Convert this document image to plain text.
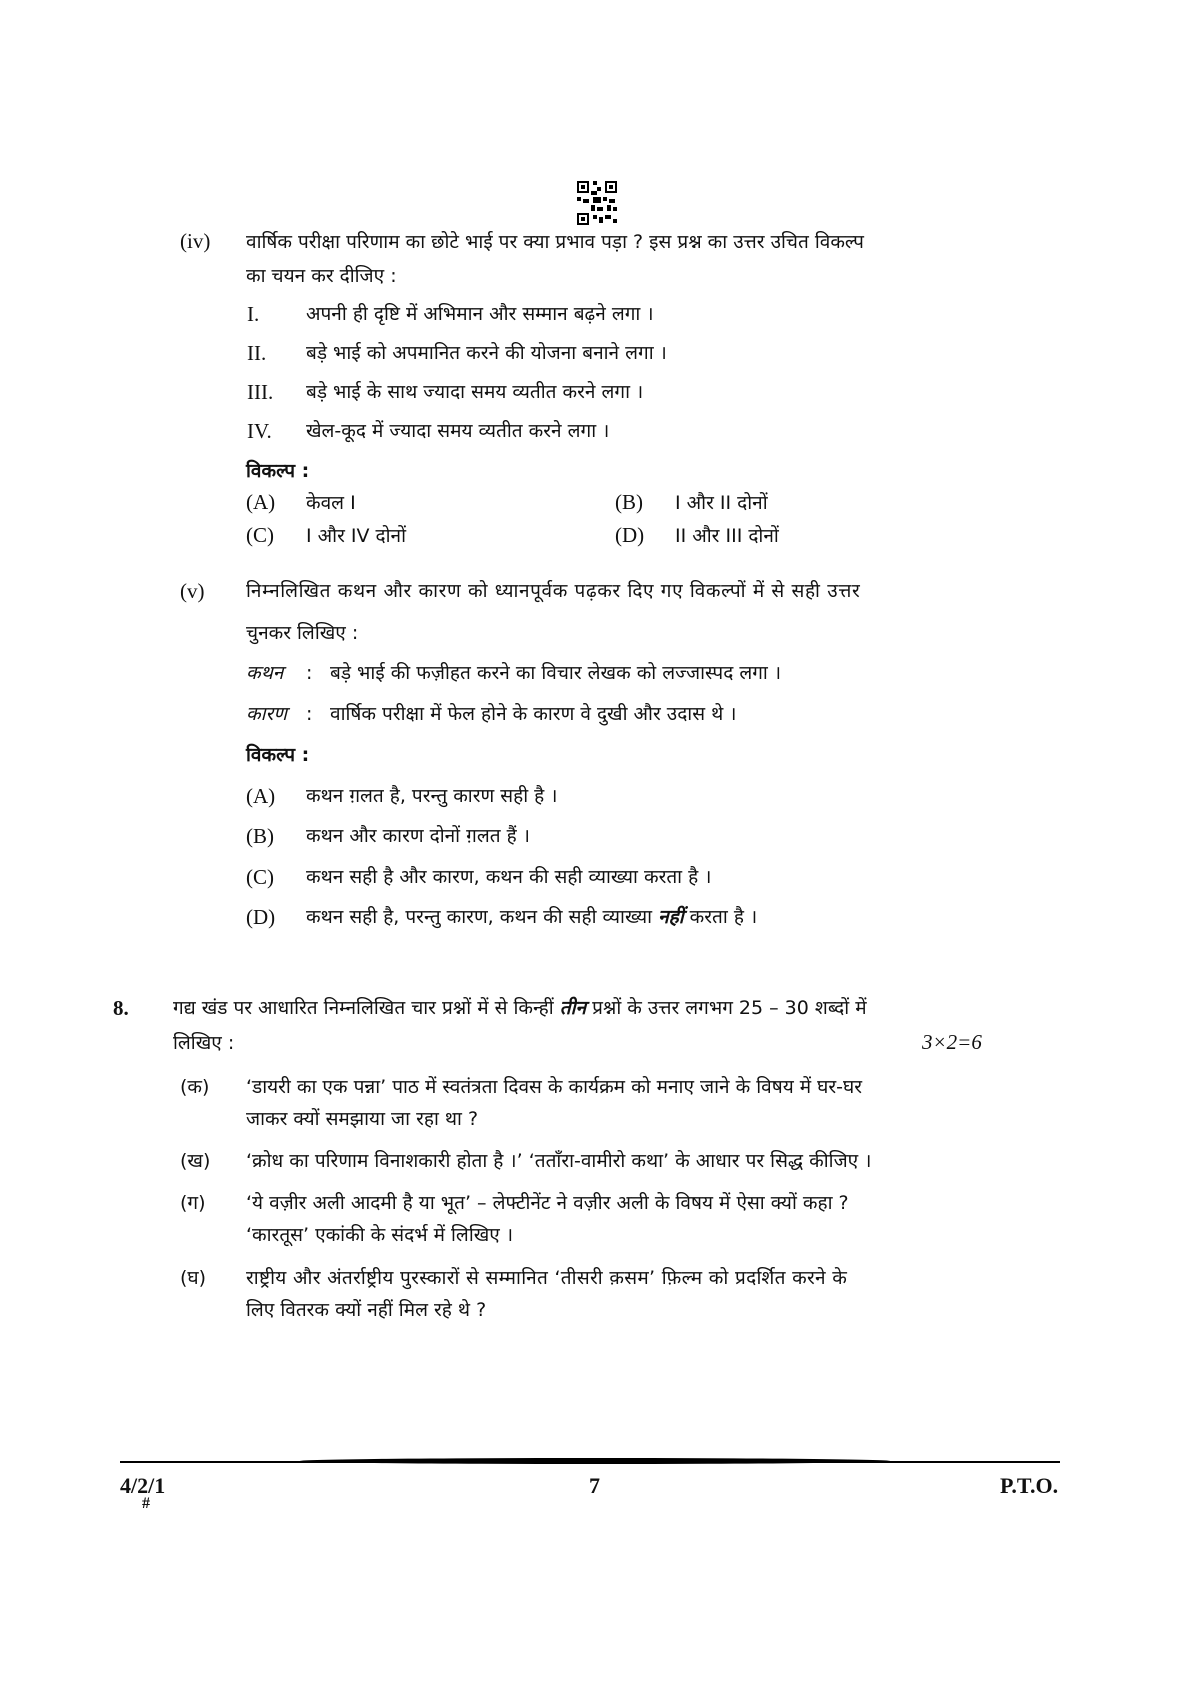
(iv) वार्षिक परीक्षा परिणाम का छोटे भाई पर क्या प्रभाव पड़ा ? इस प्रश्न का उत्तर उचित विकल्प
का चयन कर दीजिए :
I. अपनी ही दृष्टि में अभिमान और सम्मान बढ़ने लगा ।
II. बड़े भाई को अपमानित करने की योजना बनाने लगा ।
III. बड़े भाई के साथ ज्यादा समय व्यतीत करने लगा ।
IV. खेल-कूद में ज्यादा समय व्यतीत करने लगा ।
विकल्प :
(A) केवल I	(B) I और II दोनों
(C) I और IV दोनों	(D) II और III दोनों
(v) निम्नलिखित कथन और कारण को ध्यानपूर्वक पढ़कर दिए गए विकल्पों में से सही उत्तर
चुनकर लिखिए :
कथन : बड़े भाई की फज़ीहत करने का विचार लेखक को लज्जास्पद लगा ।
कारण : वार्षिक परीक्षा में फेल होने के कारण वे दुखी और उदास थे ।
विकल्प :
(A) कथन ग़लत है, परन्तु कारण सही है ।
(B) कथन और कारण दोनों ग़लत हैं ।
(C) कथन सही है और कारण, कथन की सही व्याख्या करता है ।
(D) कथन सही है, परन्तु कारण, कथन की सही व्याख्या नहीं करता है ।
8. गद्य खंड पर आधारित निम्नलिखित चार प्रश्नों में से किन्हीं तीन प्रश्नों के उत्तर लगभग 25 – 30 शब्दों में
लिखिए :	3×2=6
(क) ‘डायरी का एक पन्ना’ पाठ में स्वतंत्रता दिवस के कार्यक्रम को मनाए जाने के विषय में घर-घर
जाकर क्यों समझाया जा रहा था ?
(ख) ‘क्रोध का परिणाम विनाशकारी होता है ।’ ‘तताँरा-वामीरो कथा’ के आधार पर सिद्ध कीजिए ।
(ग) ‘ये वज़ीर अली आदमी है या भूत’ – लेफ्टीनेंट ने वज़ीर अली के विषय में ऐसा क्यों कहा ?
‘कारतूस’ एकांकी के संदर्भ में लिखिए ।
(घ) राष्ट्रीय और अंतर्राष्ट्रीय पुरस्कारों से सम्मानित ‘तीसरी क़सम’ फ़िल्म को प्रदर्शित करने के
लिए वितरक क्यों नहीं मिल रहे थे ?
4/2/1
#
7	P.T.O.
